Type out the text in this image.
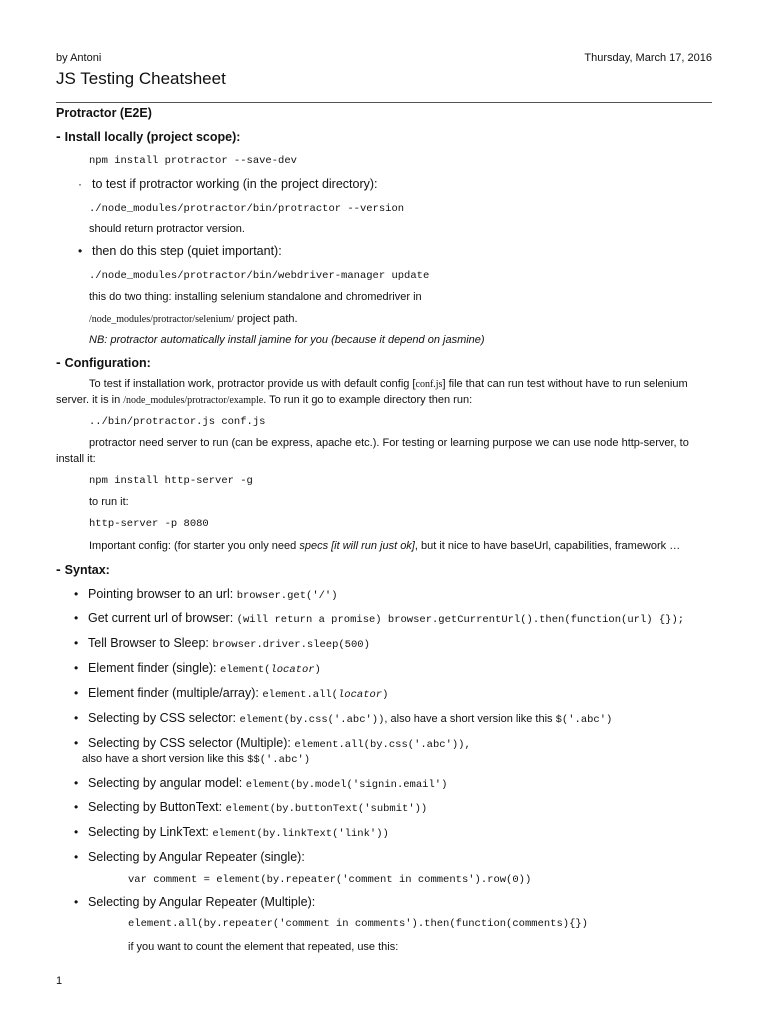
by Antoni	Thursday, March 17, 2016
JS Testing Cheatsheet
Protractor (E2E)
- Install locally (project scope):
npm install protractor --save-dev
· to test if protractor working (in the project directory):
./node_modules/protractor/bin/protractor --version
should return protractor version.
• then do this step (quiet important):
./node_modules/protractor/bin/webdriver-manager update
this do two thing: installing selenium standalone and chromedriver in
/node_modules/protractor/selenium/ project path.
NB: protractor automatically install jamine for you (because it depend on jasmine)
- Configuration:
To test if installation work, protractor provide us with default config [conf.js] file that can run test without have to run selenium
server. it is in /node_modules/protractor/example. To run it go to example directory then run:
../bin/protractor.js conf.js
protractor need server to run (can be express, apache etc.). For testing or learning purpose we can use node http-server, to
install it:
npm install http-server -g
to run it:
http-server -p 8080
Important config: (for starter you only need specs [it will run just ok], but it nice to have baseUrl, capabilities, framework …
- Syntax:
• Pointing browser to an url: browser.get('/')
• Get current url of browser: (will return a promise) browser.getCurrentUrl().then(function(url) {});
• Tell Browser to Sleep: browser.driver.sleep(500)
• Element finder (single): element(locator)
• Element finder (multiple/array): element.all(locator)
• Selecting by CSS selector: element(by.css('.abc')), also have a short version like this $('.abc')
• Selecting by CSS selector (Multiple): element.all(by.css('.abc')),
also have a short version like this $$('.abc')
• Selecting by angular model: element(by.model('signin.email')
• Selecting by ButtonText: element(by.buttonText('submit'))
• Selecting by LinkText: element(by.linkText('link'))
• Selecting by Angular Repeater (single):
var comment = element(by.repeater('comment in comments').row(0))
• Selecting by Angular Repeater (Multiple):
element.all(by.repeater('comment in comments').then(function(comments){})
if you want to count the element that repeated, use this:
1
